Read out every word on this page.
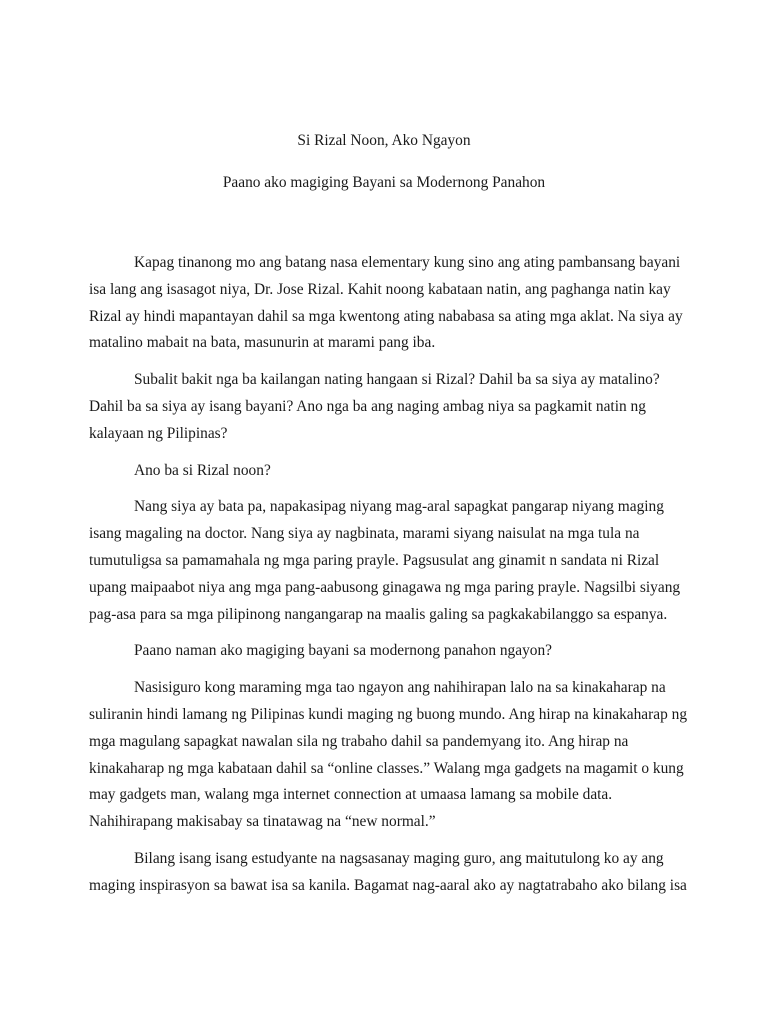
Si Rizal Noon, Ako Ngayon
Paano ako magiging Bayani sa Modernong Panahon
Kapag tinanong mo ang batang nasa elementary kung sino ang ating pambansang bayani
isa lang ang isasagot niya, Dr. Jose Rizal. Kahit noong kabataan natin, ang paghanga natin kay
Rizal ay hindi mapantayan dahil sa mga kwentong ating nababasa sa ating mga aklat. Na siya ay
matalino mabait na bata, masunurin at marami pang iba.
Subalit bakit nga ba kailangan nating hangaan si Rizal? Dahil ba sa siya ay matalino?
Dahil ba sa siya ay isang bayani? Ano nga ba ang naging ambag niya sa pagkamit natin ng
kalayaan ng Pilipinas?
Ano ba si Rizal noon?
Nang siya ay bata pa, napakasipag niyang mag-aral sapagkat pangarap niyang maging
isang magaling na doctor. Nang siya ay nagbinata, marami siyang naisulat na mga tula na
tumutuligsa sa pamamahala ng mga paring prayle. Pagsusulat ang ginamit n sandata ni Rizal
upang maipaabot niya ang mga pang-aabusong ginagawa ng mga paring prayle. Nagsilbi siyang
pag-asa para sa mga pilipinong nangangarap na maalis galing sa pagkakabilanggo sa espanya.
Paano naman ako magiging bayani sa modernong panahon ngayon?
Nasisiguro kong maraming mga tao ngayon ang nahihirapan lalo na sa kinakaharap na
suliranin hindi lamang ng Pilipinas kundi maging ng buong mundo. Ang hirap na kinakaharap ng
mga magulang sapagkat nawalan sila ng trabaho dahil sa pandemyang ito. Ang hirap na
kinakaharap ng mga kabataan dahil sa “online classes.” Walang mga gadgets na magamit o kung
may gadgets man, walang mga internet connection at umaasa lamang sa mobile data.
Nahihirapang makisabay sa tinatawag na “new normal.”
Bilang isang isang estudyante na nagsasanay maging guro, ang maitutulong ko ay ang
maging inspirasyon sa bawat isa sa kanila. Bagamat nag-aaral ako ay nagtatrabaho ako bilang isa
